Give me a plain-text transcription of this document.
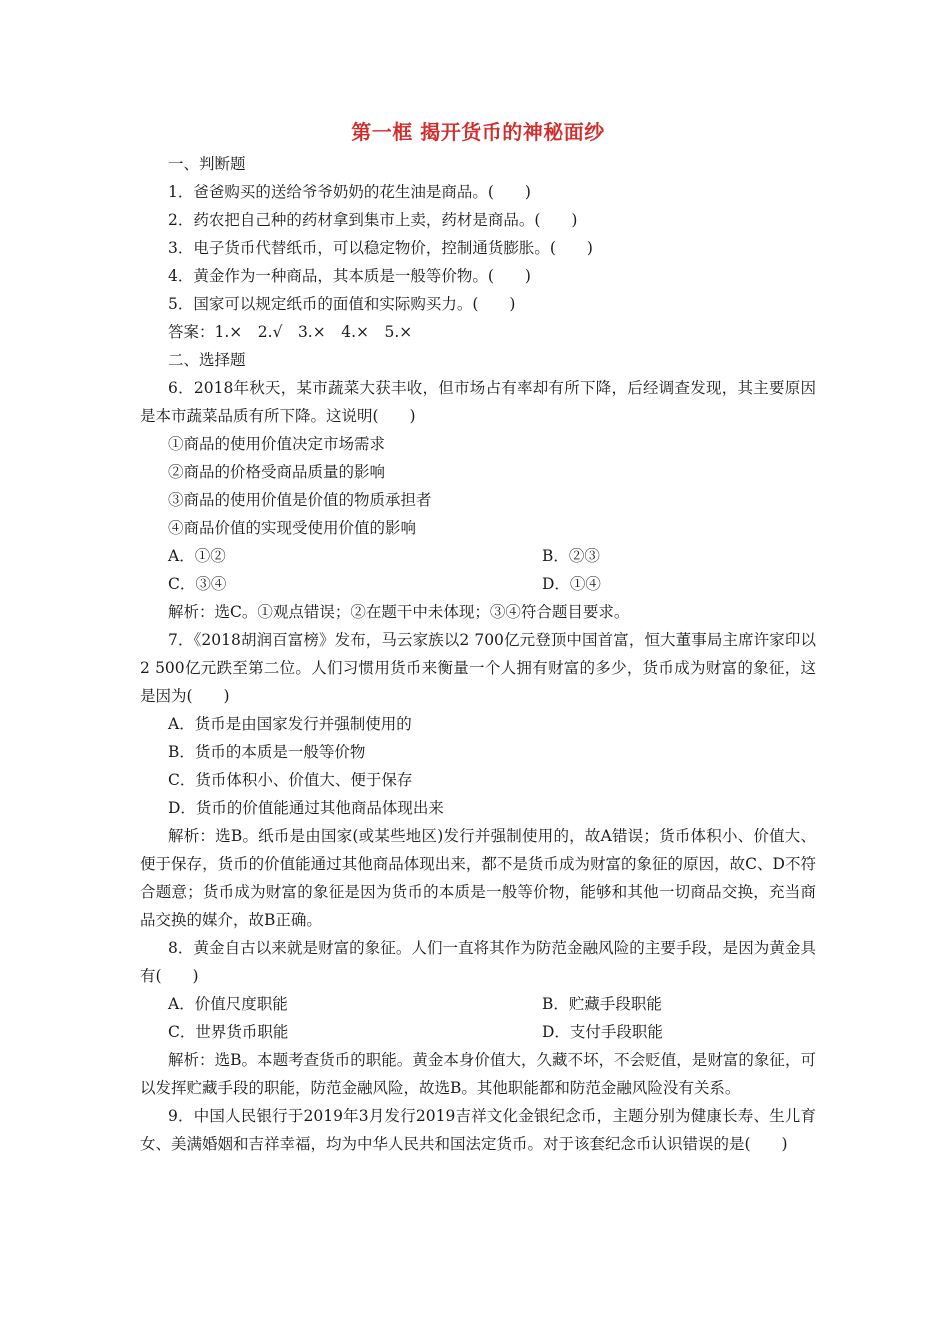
第一框 揭开货币的神秘面纱

一、判断题

1．爸爸购买的送给爷爷奶奶的花生油是商品。(　　)

2．药农把自己种的药材拿到集市上卖，药材是商品。(　　)

3．电子货币代替纸币，可以稳定物价，控制通货膨胀。(　　)

4．黄金作为一种商品，其本质是一般等价物。(　　)

5．国家可以规定纸币的面值和实际购买力。(　　)

答案：1.×　2.√　3.×　4.×　5.×

二、选择题

6．2018年秋天，某市蔬菜大获丰收，但市场占有率却有所下降，后经调查发现，其主要原因是本市蔬菜品质有所下降。这说明(　　)

①商品的使用价值决定市场需求

②商品的价格受商品质量的影响

③商品的使用价值是价值的物质承担者

④商品价值的实现受使用价值的影响

A．①②	B．②③
C．③④	D．①④

解析：选C。①观点错误；②在题干中未体现；③④符合题目要求。

7．《2018胡润百富榜》发布，马云家族以2 700亿元登顶中国首富，恒大董事局主席许家印以2 500亿元跌至第二位。人们习惯用货币来衡量一个人拥有财富的多少，货币成为财富的象征，这是因为(　　)

A．货币是由国家发行并强制使用的

B．货币的本质是一般等价物

C．货币体积小、价值大、便于保存

D．货币的价值能通过其他商品体现出来

解析：选B。纸币是由国家(或某些地区)发行并强制使用的，故A错误；货币体积小、价值大、便于保存，货币的价值能通过其他商品体现出来，都不是货币成为财富的象征的原因，故C、D不符合题意；货币成为财富的象征是因为货币的本质是一般等价物，能够和其他一切商品交换，充当商品交换的媒介，故B正确。

8．黄金自古以来就是财富的象征。人们一直将其作为防范金融风险的主要手段，是因为黄金具有(　　)

A．价值尺度职能	B．贮藏手段职能
C．世界货币职能	D．支付手段职能

解析：选B。本题考查货币的职能。黄金本身价值大，久藏不坏，不会贬值，是财富的象征，可以发挥贮藏手段的职能，防范金融风险，故选B。其他职能都和防范金融风险没有关系。

9．中国人民银行于2019年3月发行2019吉祥文化金银纪念币，主题分别为健康长寿、生儿育女、美满婚姻和吉祥幸福，均为中华人民共和国法定货币。对于该套纪念币认识错误的是(　　)
